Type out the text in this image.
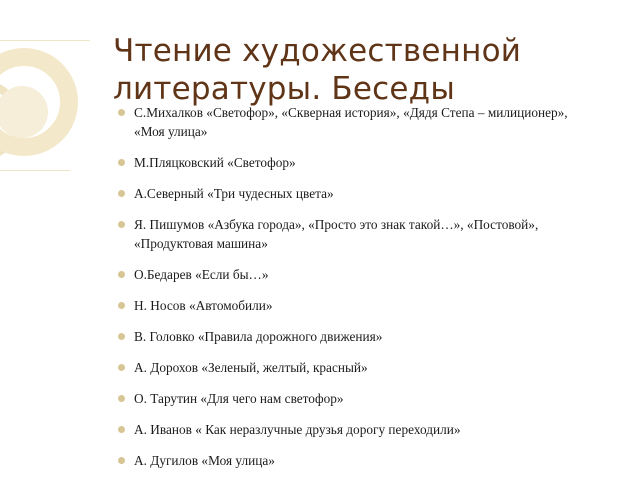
Чтение художественной литературы. Беседы
С.Михалков «Светофор», «Скверная история», «Дядя Степа – милиционер», «Моя улица»
М.Пляцковский «Светофор»
А.Северный «Три чудесных цвета»
Я. Пишумов «Азбука города», «Просто это знак такой…», «Постовой», «Продуктовая машина»
О.Бедарев «Если бы…»
Н. Носов «Автомобили»
В. Головко «Правила дорожного движения»
А. Дорохов «Зеленый, желтый, красный»
О. Тарутин «Для чего нам светофор»
А. Иванов « Как неразлучные друзья дорогу переходили»
А. Дугилов «Моя улица»
